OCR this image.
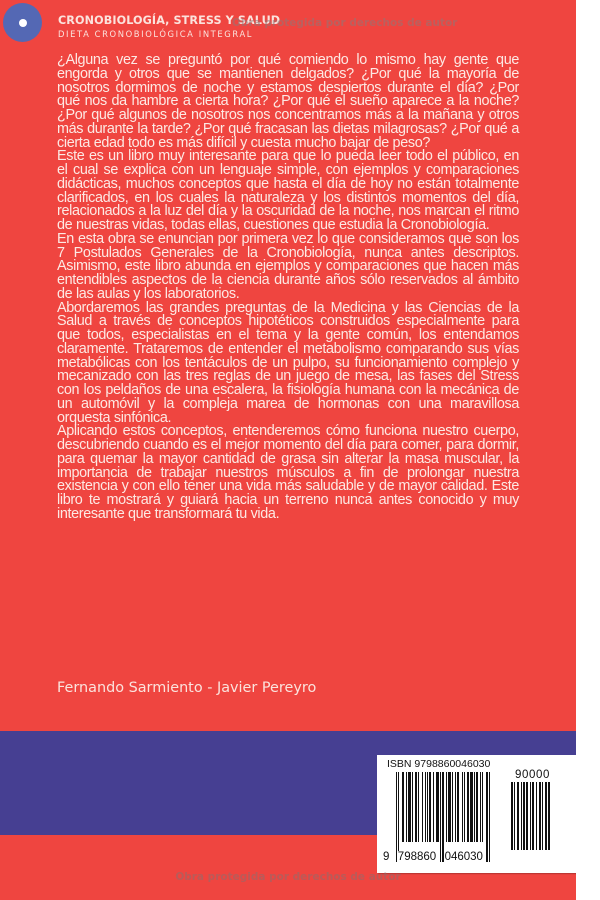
CRONOBIOLOGÍA, STRESS Y SALUD
DIETA CRONOBIOLÓGICA INTEGRAL
Obra protegida por derechos de autor

¿Alguna vez se preguntó por qué comiendo lo mismo hay gente que engorda y otros que se mantienen delgados? ¿Por qué la mayoría de nosotros dormimos de noche y estamos despiertos durante el día? ¿Por qué nos da hambre a cierta hora? ¿Por qué el sueño aparece a la noche? ¿Por qué algunos de nosotros nos concentramos más a la mañana y otros más durante la tarde? ¿Por qué fracasan las dietas milagrosas? ¿Por qué a cierta edad todo es más difícil y cuesta mucho bajar de peso?

Este es un libro muy interesante para que lo pueda leer todo el público, en el cual se explica con un lenguaje simple, con ejemplos y comparaciones didácticas, muchos conceptos que hasta el día de hoy no están totalmente clarificados, en los cuales la naturaleza y los distintos momentos del día, relacionados a la luz del día y la oscuridad de la noche, nos marcan el ritmo de nuestras vidas, todas ellas, cuestiones que estudia la Cronobiología.

En esta obra se enuncian por primera vez lo que consideramos que son los 7 Postulados Generales de la Cronobiología, nunca antes descriptos. Asimismo, este libro abunda en ejemplos y comparaciones que hacen más entendibles aspectos de la ciencia durante años sólo reservados al ámbito de las aulas y los laboratorios.

Abordaremos las grandes preguntas de la Medicina y las Ciencias de la Salud a través de conceptos hipotéticos construidos especialmente para que todos, especialistas en el tema y la gente común, los entendamos claramente. Trataremos de entender el metabolismo comparando sus vías metabólicas con los tentáculos de un pulpo, su funcionamiento complejo y mecanizado con las tres reglas de un juego de mesa, las fases del Stress con los peldaños de una escalera, la fisiología humana con la mecánica de un automóvil y la compleja marea de hormonas con una maravillosa orquesta sinfónica.

Aplicando estos conceptos, entenderemos cómo funciona nuestro cuerpo, descubriendo cuando es el mejor momento del día para comer, para dormir, para quemar la mayor cantidad de grasa sin alterar la masa muscular, la importancia de trabajar nuestros músculos a fin de prolongar nuestra existencia y con ello tener una vida más saludable y de mayor calidad. Este libro te mostrará y guiará hacia un terreno nunca antes conocido y muy interesante que transformará tu vida.

Fernando Sarmiento - Javier Pereyro
ISBN 9798860046030
90000
9 798860 046030
Obra protegida por derechos de autor
